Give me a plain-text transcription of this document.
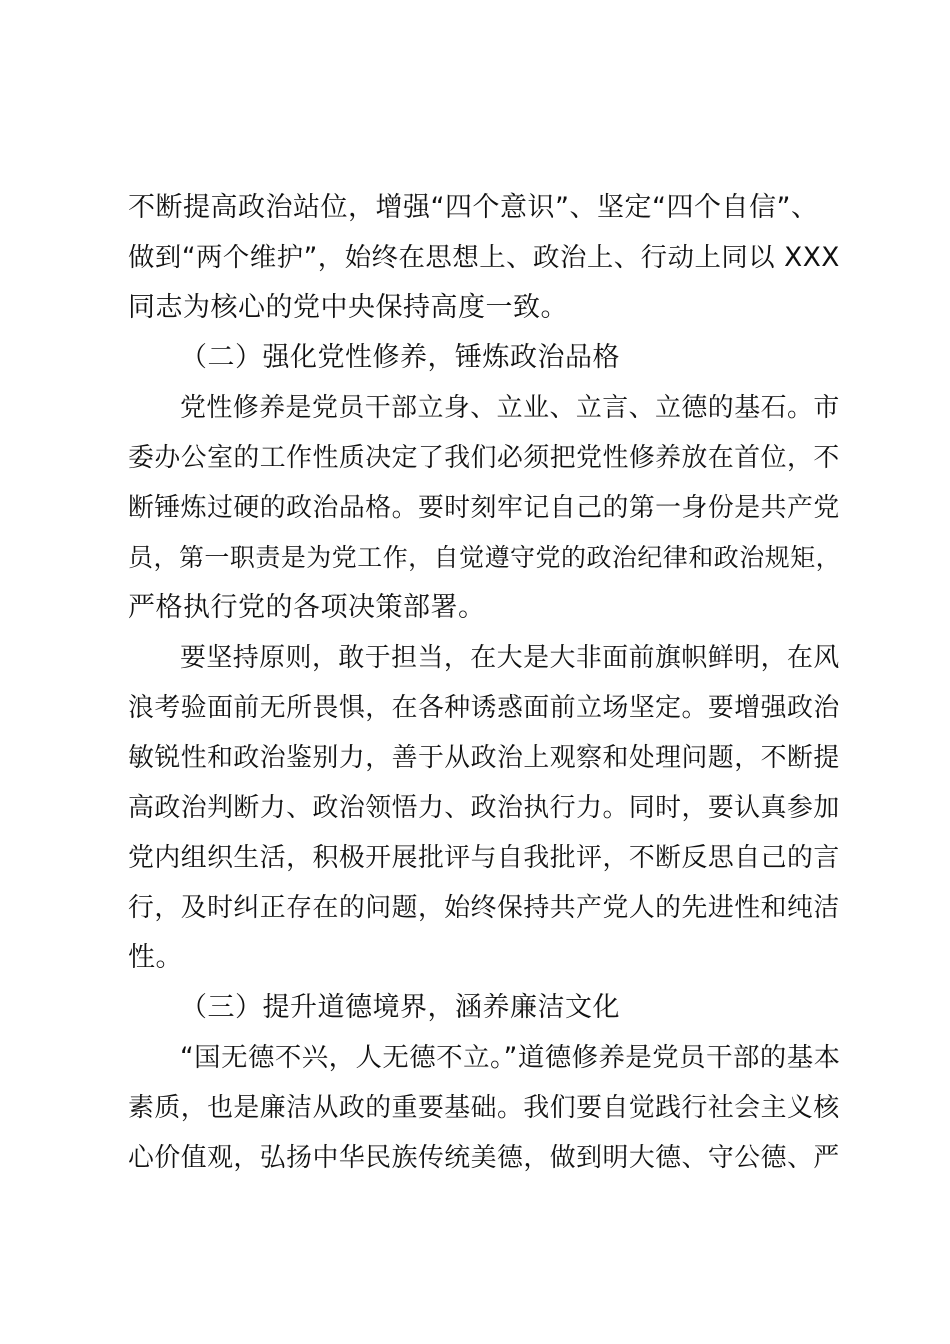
不断提高政治站位，增强“四个意识”、坚定“四个自信”、
做到“两个维护”，始终在思想上、政治上、行动上同以 XXX
同志为核心的党中央保持高度一致。
（二）强化党性修养，锤炼政治品格
党性修养是党员干部立身、立业、立言、立德的基石。市
委办公室的工作性质决定了我们必须把党性修养放在首位，不
断锤炼过硬的政治品格。要时刻牢记自己的第一身份是共产党
员，第一职责是为党工作，自觉遵守党的政治纪律和政治规矩，
严格执行党的各项决策部署。
要坚持原则，敢于担当，在大是大非面前旗帜鲜明，在风
浪考验面前无所畏惧，在各种诱惑面前立场坚定。要增强政治
敏锐性和政治鉴别力，善于从政治上观察和处理问题，不断提
高政治判断力、政治领悟力、政治执行力。同时，要认真参加
党内组织生活，积极开展批评与自我批评，不断反思自己的言
行，及时纠正存在的问题，始终保持共产党人的先进性和纯洁
性。
（三）提升道德境界，涵养廉洁文化
“国无德不兴，人无德不立。”道德修养是党员干部的基本
素质，也是廉洁从政的重要基础。我们要自觉践行社会主义核
心价值观，弘扬中华民族传统美德，做到明大德、守公德、严
